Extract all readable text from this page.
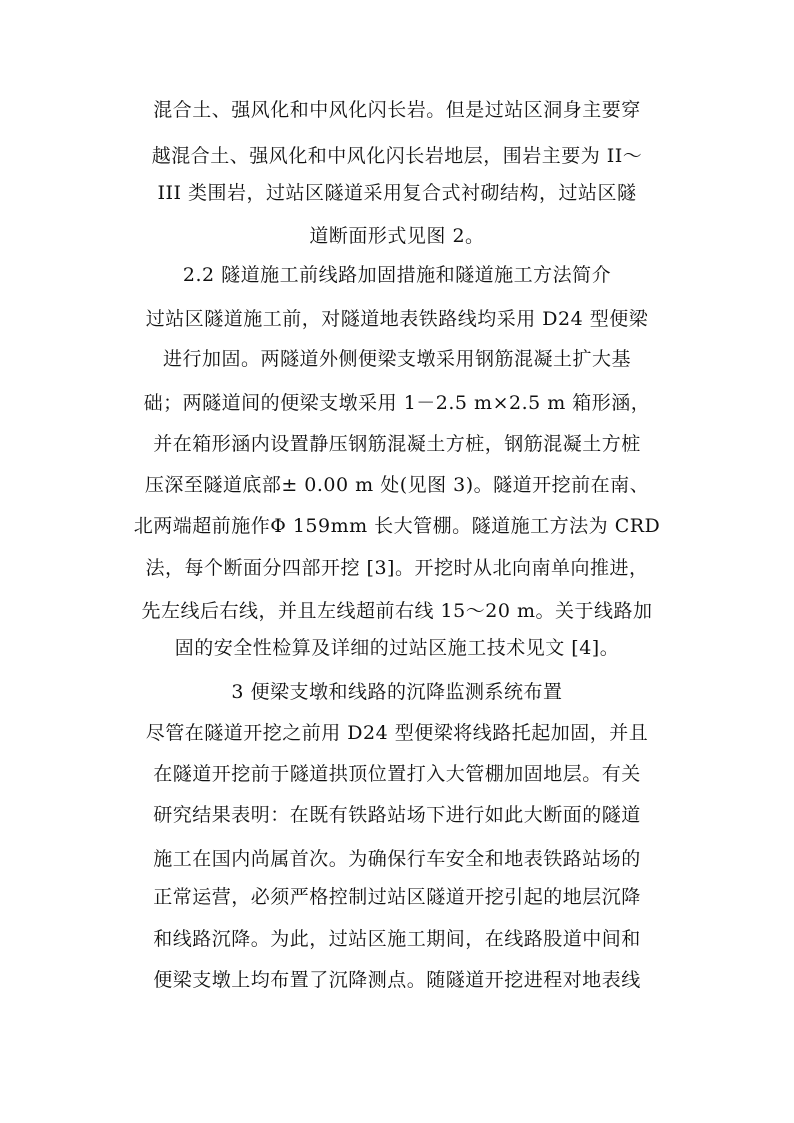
混合土、强风化和中风化闪长岩。但是过站区洞身主要穿
越混合土、强风化和中风化闪长岩地层，围岩主要为 II～
III 类围岩，过站区隧道采用复合式衬砌结构，过站区隧
道断面形式见图 2。
2.2 隧道施工前线路加固措施和隧道施工方法简介
过站区隧道施工前，对隧道地表铁路线均采用 D24 型便梁
进行加固。两隧道外侧便梁支墩采用钢筋混凝土扩大基
础；两隧道间的便梁支墩采用 1－2.5 m×2.5 m 箱形涵，
并在箱形涵内设置静压钢筋混凝土方桩，钢筋混凝土方桩
压深至隧道底部± 0.00 m 处(见图 3)。隧道开挖前在南、
北两端超前施作Φ 159mm 长大管棚。隧道施工方法为 CRD
法，每个断面分四部开挖 [3]。开挖时从北向南单向推进，
先左线后右线，并且左线超前右线 15～20 m。关于线路加
固的安全性检算及详细的过站区施工技术见文 [4]。
3 便梁支墩和线路的沉降监测系统布置
尽管在隧道开挖之前用 D24 型便梁将线路托起加固，并且
在隧道开挖前于隧道拱顶位置打入大管棚加固地层。有关
研究结果表明：在既有铁路站场下进行如此大断面的隧道
施工在国内尚属首次。为确保行车安全和地表铁路站场的
正常运营，必须严格控制过站区隧道开挖引起的地层沉降
和线路沉降。为此，过站区施工期间，在线路股道中间和
便梁支墩上均布置了沉降测点。随隧道开挖进程对地表线
